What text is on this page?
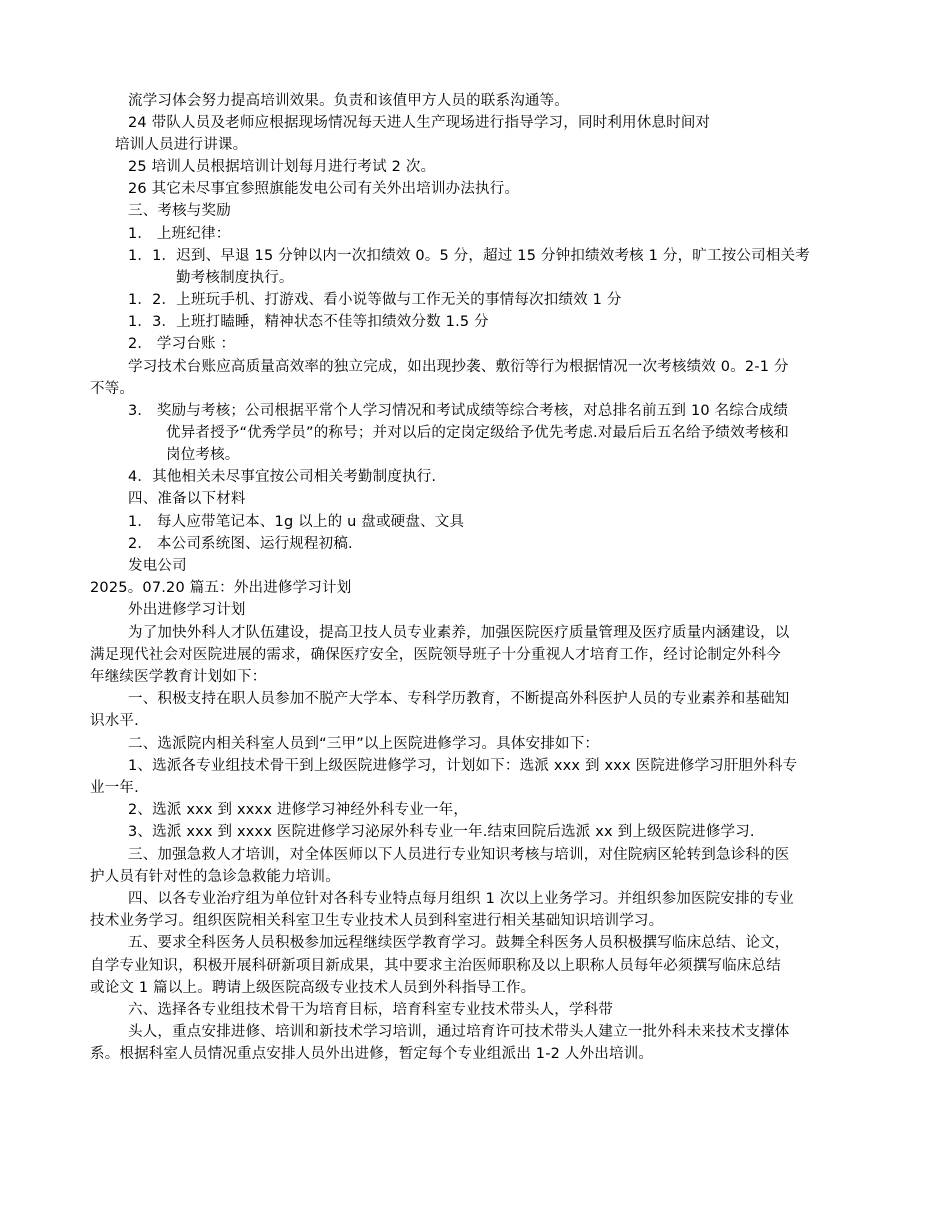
流学习体会努力提高培训效果。负责和该值甲方人员的联系沟通等。
24 带队人员及老师应根据现场情况每天进人生产现场进行指导学习，同时利用休息时间对
培训人员进行讲课。
25 培训人员根据培训计划每月进行考试 2 次。
26 其它未尽事宜参照旗能发电公司有关外出培训办法执行。
三、考核与奖励
1． 上班纪律：
1．1．迟到、早退 15 分钟以内一次扣绩效 0。5 分，超过 15 分钟扣绩效考核 1 分，旷工按公司相关考
勤考核制度执行。
1．2．上班玩手机、打游戏、看小说等做与工作无关的事情每次扣绩效 1 分
1．3．上班打瞌睡，精神状态不佳等扣绩效分数 1.5 分
2． 学习台账 ：
学习技术台账应高质量高效率的独立完成，如出现抄袭、敷衍等行为根据情况一次考核绩效 0。2-1 分
不等。
3． 奖励与考核；公司根据平常个人学习情况和考试成绩等综合考核，对总排名前五到 10 名综合成绩
优异者授予“优秀学员”的称号；并对以后的定岗定级给予优先考虑.对最后后五名给予绩效考核和
岗位考核。
4．其他相关未尽事宜按公司相关考勤制度执行.
四、准备以下材料
1． 每人应带笔记本、1g 以上的 u 盘或硬盘、文具
2． 本公司系统图、运行规程初稿.
发电公司
2025。07.20 篇五：外出进修学习计划
外出进修学习计划
为了加快外科人才队伍建设，提高卫技人员专业素养，加强医院医疗质量管理及医疗质量内涵建设，以
满足现代社会对医院进展的需求，确保医疗安全，医院领导班子十分重视人才培育工作，经讨论制定外科今
年继续医学教育计划如下：
一、积极支持在职人员参加不脱产大学本、专科学历教育，不断提高外科医护人员的专业素养和基础知
识水平.
二、选派院内相关科室人员到“三甲”以上医院进修学习。具体安排如下：
1、选派各专业组技术骨干到上级医院进修学习，计划如下：选派 xxx 到 xxx 医院进修学习肝胆外科专
业一年.
2、选派 xxx 到 xxxx 进修学习神经外科专业一年，
3、选派 xxx 到 xxxx 医院进修学习泌尿外科专业一年.结束回院后选派 xx 到上级医院进修学习.
三、加强急救人才培训，对全体医师以下人员进行专业知识考核与培训，对住院病区轮转到急诊科的医
护人员有针对性的急诊急救能力培训。
四、以各专业治疗组为单位针对各科专业特点每月组织 1 次以上业务学习。并组织参加医院安排的专业
技术业务学习。组织医院相关科室卫生专业技术人员到科室进行相关基础知识培训学习。
五、要求全科医务人员积极参加远程继续医学教育学习。鼓舞全科医务人员积极撰写临床总结、论文，
自学专业知识，积极开展科研新项目新成果，其中要求主治医师职称及以上职称人员每年必须撰写临床总结
或论文 1 篇以上。聘请上级医院高级专业技术人员到外科指导工作。
六、选择各专业组技术骨干为培育目标，培育科室专业技术带头人，学科带
头人，重点安排进修、培训和新技术学习培训，通过培育许可技术带头人建立一批外科未来技术支撑体
系。根据科室人员情况重点安排人员外出进修，暂定每个专业组派出 1-2 人外出培训。
